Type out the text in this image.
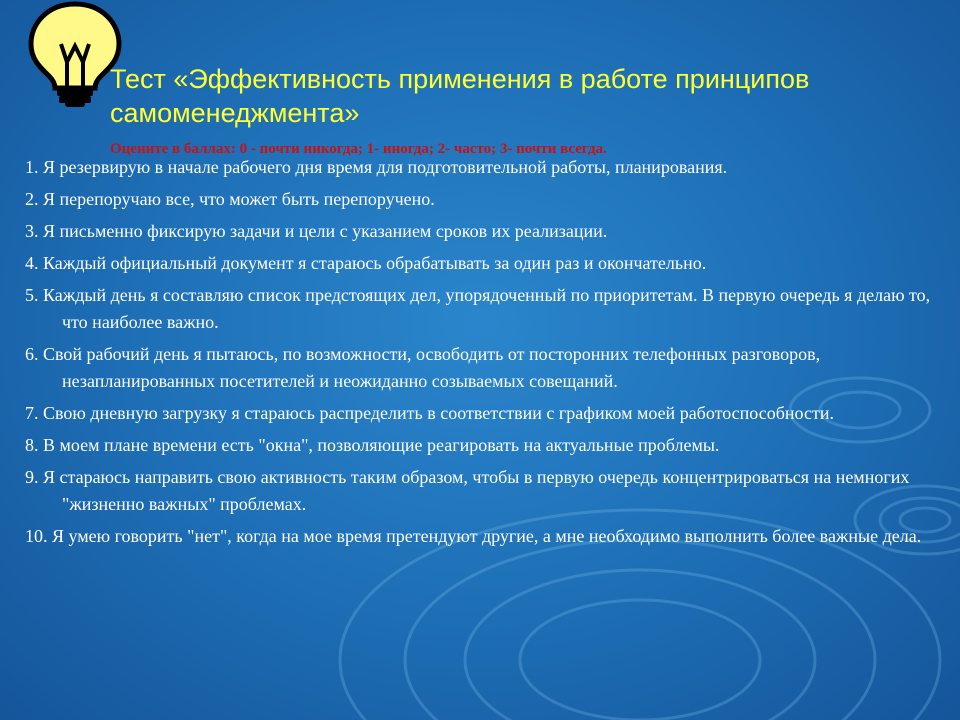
Тест «Эффективность применения в работе принципов самоменеджмента»

Оцените в баллах: 0 - почти никогда; 1- иногда; 2- часто; 3- почти всегда.

1. Я резервирую в начале рабочего дня время для подготовительной работы, планирования.
2. Я перепоручаю все, что может быть перепоручено.
3. Я письменно фиксирую задачи и цели с указанием сроков их реализации.
4. Каждый официальный документ я стараюсь обрабатывать за один раз и окончательно.
5. Каждый день я составляю список предстоящих дел, упорядоченный по приоритетам. В первую очередь я делаю то, что наиболее важно.
6. Свой рабочий день я пытаюсь, по возможности, освободить от посторонних телефонных разговоров, незапланированных посетителей и неожиданно созываемых совещаний.
7. Свою дневную загрузку я стараюсь распределить в соответствии с графиком моей работоспособности.
8. В моем плане времени есть "окна", позволяющие реагировать на актуальные проблемы.
9. Я стараюсь направить свою активность таким образом, чтобы в первую очередь концентрироваться на немногих "жизненно важных" проблемах.
10. Я умею говорить "нет", когда на мое время претендуют другие, а мне необходимо выполнить более важные дела.
